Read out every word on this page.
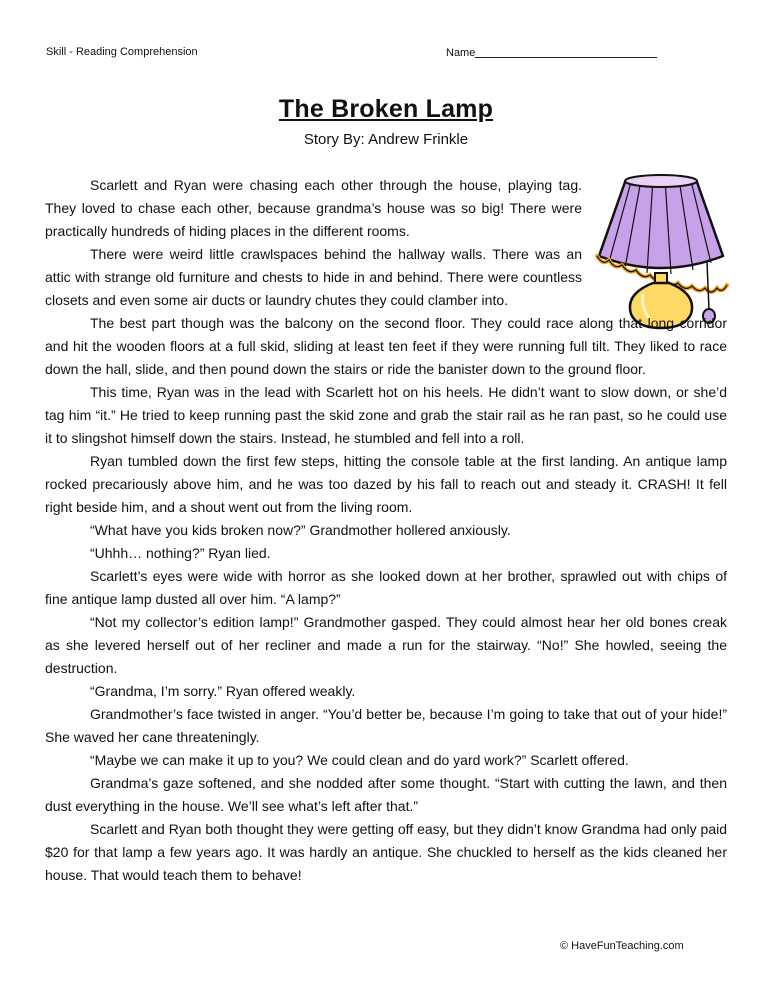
Skill - Reading Comprehension	Name
The Broken Lamp
Story By: Andrew Frinkle

Scarlett and Ryan were chasing each other through the house, playing tag. They loved to chase each other, because grandma’s house was so big! There were practically hundreds of hiding places in the different rooms.

There were weird little crawlspaces behind the hallway walls. There was an attic with strange old furniture and chests to hide in and behind. There were countless closets and even some air ducts or laundry chutes they could clamber into.

The best part though was the balcony on the second floor. They could race along that long corridor and hit the wooden floors at a full skid, sliding at least ten feet if they were running full tilt. They liked to race down the hall, slide, and then pound down the stairs or ride the banister down to the ground floor.

This time, Ryan was in the lead with Scarlett hot on his heels. He didn’t want to slow down, or she’d tag him “it.” He tried to keep running past the skid zone and grab the stair rail as he ran past, so he could use it to slingshot himself down the stairs. Instead, he stumbled and fell into a roll.

Ryan tumbled down the first few steps, hitting the console table at the first landing. An antique lamp rocked precariously above him, and he was too dazed by his fall to reach out and steady it. CRASH! It fell right beside him, and a shout went out from the living room.

“What have you kids broken now?” Grandmother hollered anxiously.

“Uhhh… nothing?” Ryan lied.

Scarlett’s eyes were wide with horror as she looked down at her brother, sprawled out with chips of fine antique lamp dusted all over him. “A lamp?”

“Not my collector’s edition lamp!” Grandmother gasped. They could almost hear her old bones creak as she levered herself out of her recliner and made a run for the stairway. “No!” She howled, seeing the destruction.

“Grandma, I’m sorry.” Ryan offered weakly.

Grandmother’s face twisted in anger. “You’d better be, because I’m going to take that out of your hide!” She waved her cane threateningly.

“Maybe we can make it up to you? We could clean and do yard work?” Scarlett offered.

Grandma’s gaze softened, and she nodded after some thought. “Start with cutting the lawn, and then dust everything in the house. We’ll see what’s left after that.”

Scarlett and Ryan both thought they were getting off easy, but they didn’t know Grandma had only paid $20 for that lamp a few years ago. It was hardly an antique. She chuckled to herself as the kids cleaned her house. That would teach them to behave!

© HaveFunTeaching.com
